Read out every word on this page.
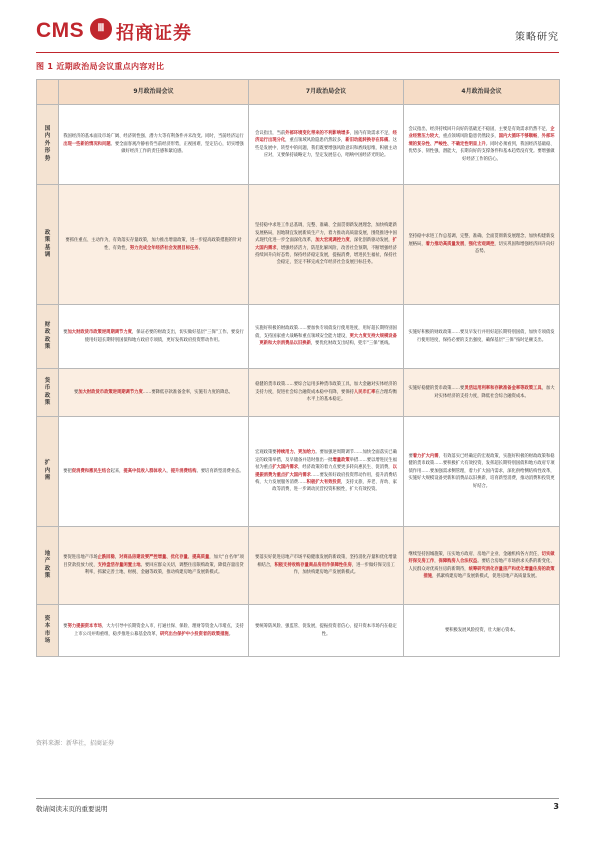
CMS	Ⅲ 招商证券	策略研究
图 1 近期政治局会议重点内容对比
	9月政治局会议	7月政治局会议	4月政治局会议
国内外形势	我国经济的基本面及市场广阔、经济韧性强、潜力大等有利条件并未改变。同时，当前经济运行出现一些新的情况和问题。要全面客观冷静看待当前经济形势，正视困难、坚定信心，切实增强做好经济工作的责任感和紧迫感。	会议指出，当前外部环境变化带来的不利影响增多，国内有效需求不足，经济运行出现分化，重点领域风险隐患仍然较多，新旧动能转换存在阵痛。这些是发展中、转型中的问题，我们既要增强风险意识和底线思维，积极主动应对，又要保持战略定力，坚定发展信心，唱响中国经济光明论。	会议指出，经济持续回升向好的基础还不稳固，主要是有效需求仍然不足，企业经营压力较大，重点领域风险隐患仍然较多，国内大循环不够顺畅，外部环境的复杂性、严峻性、不确定性明显上升。同时必须看到，我国经济基础稳、优势多、韧性强、潜能大，长期向好的支撑条件和基本趋势没有变。要增强做好经济工作的信心。
政策基调	要抓住重点、主动作为，有效落实存量政策，加力推出增量政策，进一步提高政策措施的针对性、有效性，努力完成全年经济社会发展目标任务。	坚持稳中求进工作总基调，完整、准确、全面贯彻新发展理念，加快构建新发展格局，因地制宜发展新质生产力，着力推动高质量发展，围绕推进中国式现代化进一步全面深化改革，加大宏观调控力度，深化创新驱动发展，扩大国内需求，增强经济活力，防范化解风险，改善社会预期，不断增强经济持续回升向好态势，保持经济稳定发展，提振消费，增进民生福祉，保持社会稳定，坚定不移完成全年经济社会发展目标任务。	坚持稳中求进工作总基调，完整、准确、全面贯彻新发展理念，加快构建新发展格局，着力推动高质量发展，强化宏观调控，切实巩固和增强经济回升向好态势。
财政政策	要加大财政货币政策逆周期调节力度，保证必要的财政支出，切实做好基层“三保”工作。要发行使用好超长期特别国债和地方政府专项债，更好发挥政府投资带动作用。	实施好积极的财政政策……要加快专项债发行使用进度，用好超长期特别国债，支持国家重大战略和重点领域安全能力建设，更大力度支持大规模设备更新和大宗消费品以旧换新，要优化财政支出结构，兜牢“三保”底线。	实施好积极的财政政策……要及早发行并用好超长期特别国债，加快专项债发行使用进度，保持必要的支出强度，确保基层“三保”按时足额支出。
货币政策	要加大财政货币政策逆周期调节力度……要降低存款准备金率，实施有力度的降息。	稳健的货币政策……要综合运用多种货币政策工具，加大金融对实体经济的支持力度，促进社会综合融资成本稳中有降，要保持人民币汇率在合理均衡水平上的基本稳定。	实施好稳健的货币政策……要灵活运用利率和存款准备金率等政策工具，加大对实体经济的支持力度，降低社会综合融资成本。
扩内需	要把促消费和惠民生结合起来，提高中低收入群体收入，提升消费结构。要培育新型消费业态。	宏观政策要持续用力、更加给力。要加强逆周期调节……加快全面落实已确定的政策举措，及早储备并适时推出一批增量政策举措……要以增进民生福祉为重点扩大国内需求，经济政策的着力点要更多转向惠民生、促消费，以提振消费为重点扩大国内需求……要发挥好政府投资带动作用，提升消费结构，大力发展服务消费……积极扩大有效投资，支持文旅、养老、育幼、家政等消费，进一步调动民营投资积极性，扩大有效投资。	要着力扩大内需，有效落实已经确定的宏观政策，实施好积极的财政政策和稳健的货币政策……要积极扩大有效投资，发挥超长期特别国债和地方政府专项债作用……要加强需求侧管理，着力扩大国内需求，深化供给侧结构性改革，实施好大规模设备更新和消费品以旧换新，培育新型消费，推动消费和投资更好结合。
地产政策	要促进房地产市场止跌回稳，对商品房建设要严控增量、优化存量、提高质量，加大“白名单”项目贷款投放力度，支持盘活存量闲置土地。要回应群众关切，调整住房限购政策，降低存量房贷利率，抓紧完善土地、财税、金融等政策，推动构建房地产发展新模式。	要落实好促进房地产市场平稳健康发展的新政策，坚持消化存量和优化增量相结合，积极支持收购存量商品房用作保障性住房，进一步做好保交房工作，加快构建房地产发展新模式。	继续坚持因城施策，压实地方政府、房地产企业、金融机构各方责任，切实做好保交房工作，保障购房人合法权益。要结合房地产市场供求关系的新变化、人民群众对优质住房的新期待，统筹研究消化存量房产和优化增量住房的政策措施，抓紧构建房地产发展新模式，促进房地产高质量发展。
资本市场	要努力提振资本市场，大力引导中长期资金入市，打通社保、保险、理财等资金入市堵点，支持上市公司并购重组，稳步推进公募基金改革，研究出台保护中小投资者的政策措施。	要统筹防风险、强监管、促发展，提振投资者信心，提升资本市场内在稳定性。	要积极发展风险投资，壮大耐心资本。
资料来源：新华社，招商证券
敬请阅读末页的重要说明	3
